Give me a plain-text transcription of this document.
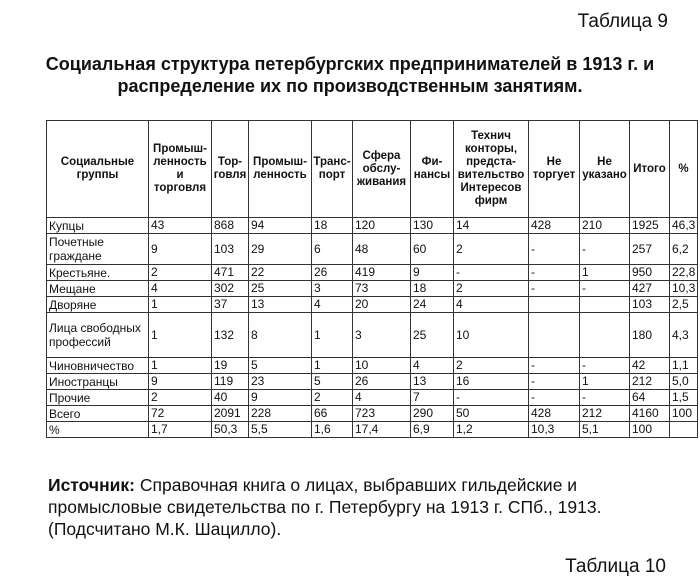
Таблица 9

Социальная структура петербургских предпринимателей в 1913 г. и распределение их по производственным занятиям.
Социальные группы	Промыш-ленность и торговля	Тор-говля	Промыш-ленность	Транс-порт	Сфера обслу-живания	Фи-нансы	Технич конторы, предста-вительство Интересов фирм	Не торгует	Не указано	Итого	%
Купцы	43	868	94	18	120	130	14	428	210	1925	46,3
Почетные граждане	9	103	29	6	48	60	2	-	-	257	6,2
Крестьяне.	2	471	22	26	419	9	-	-	1	950	22,8
Мещане	4	302	25	3	73	18	2	-	-	427	10,3
Дворяне	1	37	13	4	20	24	4			103	2,5
Лица свободных профессий	1	132	8	1	3	25	10			180	4,3
Чиновничество	1	19	5	1	10	4	2	-	-	42	1,1
Иностранцы	9	119	23	5	26	13	16	-	1	212	5,0
Прочие	2	40	9	2	4	7	-	-	-	64	1,5
Всего	72	2091	228	66	723	290	50	428	212	4160	100
%	1,7	50,3	5,5	1,6	17,4	6,9	1,2	10,3	5,1	100	

Источник: Справочная книга о лицах, выбравших гильдейские и промысловые свидетельства по г. Петербургу на 1913 г. СПб., 1913. (Подсчитано М.К. Шацилло).

Таблица 10
